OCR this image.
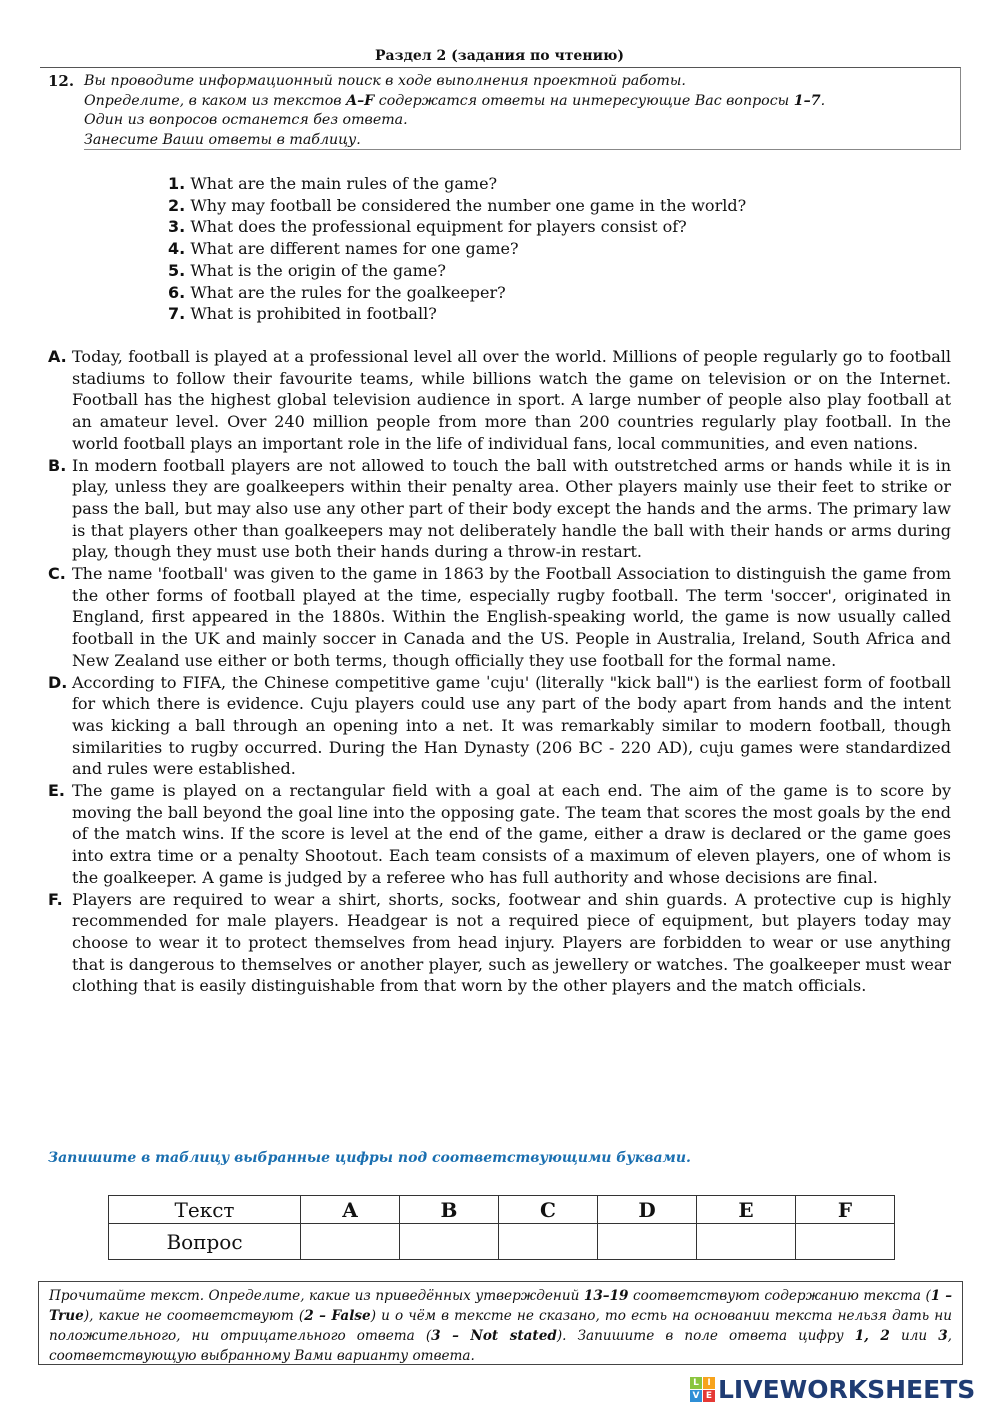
Раздел 2 (задания по чтению)
12. Вы проводите информационный поиск в ходе выполнения проектной работы.
Определите, в каком из текстов A–F содержатся ответы на интересующие Вас вопросы 1–7.
Один из вопросов останется без ответа.
Занесите Ваши ответы в таблицу.
1. What are the main rules of the game?
2. Why may football be considered the number one game in the world?
3. What does the professional equipment for players consist of?
4. What are different names for one game?
5. What is the origin of the game?
6. What are the rules for the goalkeeper?
7. What is prohibited in football?
A. Today, football is played at a professional level all over the world. Millions of people regularly go to football stadiums to follow their favourite teams, while billions watch the game on television or on the Internet. Football has the highest global television audience in sport. A large number of people also play football at an amateur level. Over 240 million people from more than 200 countries regularly play football. In the world football plays an important role in the life of individual fans, local communities, and even nations.
B. In modern football players are not allowed to touch the ball with outstretched arms or hands while it is in play, unless they are goalkeepers within their penalty area. Other players mainly use their feet to strike or pass the ball, but may also use any other part of their body except the hands and the arms. The primary law is that players other than goalkeepers may not deliberately handle the ball with their hands or arms during play, though they must use both their hands during a throw-in restart.
C. The name 'football' was given to the game in 1863 by the Football Association to distinguish the game from the other forms of football played at the time, especially rugby football. The term 'soccer', originated in England, first appeared in the 1880s. Within the English-speaking world, the game is now usually called football in the UK and mainly soccer in Canada and the US. People in Australia, Ireland, South Africa and New Zealand use either or both terms, though officially they use football for the formal name.
D. According to FIFA, the Chinese competitive game ˈcuju' (literally "kick ball") is the earliest form of football for which there is evidence. Cuju players could use any part of the body apart from hands and the intent was kicking a ball through an opening into a net. It was remarkably similar to modern football, though similarities to rugby occurred. During the Han Dynasty (206 BC - 220 AD), cuju games were standardized and rules were established.
E. The game is played on a rectangular field with a goal at each end. The aim of the game is to score by moving the ball beyond the goal line into the opposing gate. The team that scores the most goals by the end of the match wins. If the score is level at the end of the game, either a draw is declared or the game goes into extra time or a penalty Shootout. Each team consists of a maximum of eleven players, one of whom is the goalkeeper. A game is judged by a referee who has full authority and whose decisions are final.
F. Players are required to wear a shirt, shorts, socks, footwear and shin guards. A protective cup is highly recommended for male players. Headgear is not a required piece of equipment, but players today may choose to wear it to protect themselves from head injury. Players are forbidden to wear or use anything that is dangerous to themselves or another player, such as jewellery or watches. The goalkeeper must wear clothing that is easily distinguishable from that worn by the other players and the match officials.
Запишите в таблицу выбранные цифры под соответствующими буквами.
Текст	A	B	C	D	E	F
Вопрос						
Прочитайте текст. Определите, какие из приведённых утверждений 13–19 соответствуют содержанию текста (1 – True), какие не соответствуют (2 – False) и о чём в тексте не сказано, то есть на основании текста нельзя дать ни положительного, ни отрицательного ответа (3 – Not stated). Запишите в поле ответа цифру 1, 2 или 3, соответствующую выбранному Вами варианту ответа.
L I
V E LIVEWORKSHEETS
